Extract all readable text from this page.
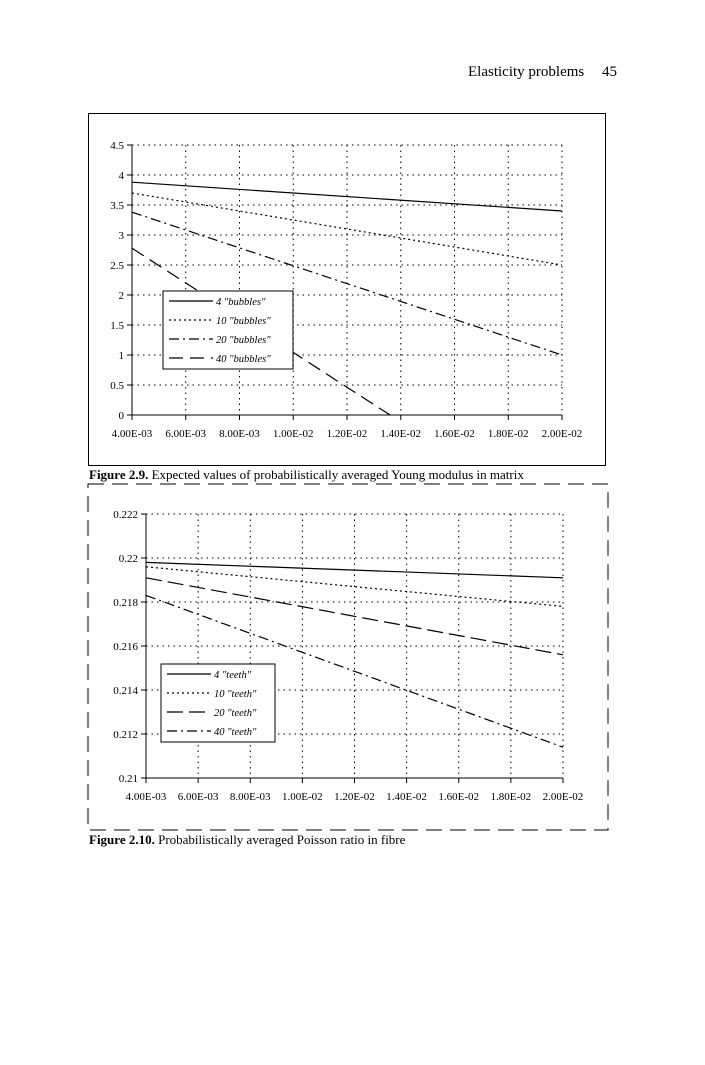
Elasticity problems 45
0
0.5
1
1.5
2
2.5
3
3.5
4
4.5
4.00E-03 6.00E-03 8.00E-03 1.00E-02 1.20E-02 1.40E-02 1.60E-02 1.80E-02 2.00E-02
4 "bubbles"
10 "bubbles"
20 "bubbles"
40 "bubbles"
0.21
0.212
0.214
0.216
0.218
0.22
0.222
4.00E-03 6.00E-03 8.00E-03 1.00E-02 1.20E-02 1.40E-02 1.60E-02 1.80E-02 2.00E-02
4 "teeth"
10 "teeth"
20 "teeth"
40 "teeth"
Figure 2.9. Expected values of probabilistically averaged Young modulus in matrix
Figure 2.10. Probabilistically averaged Poisson ratio in fibre
